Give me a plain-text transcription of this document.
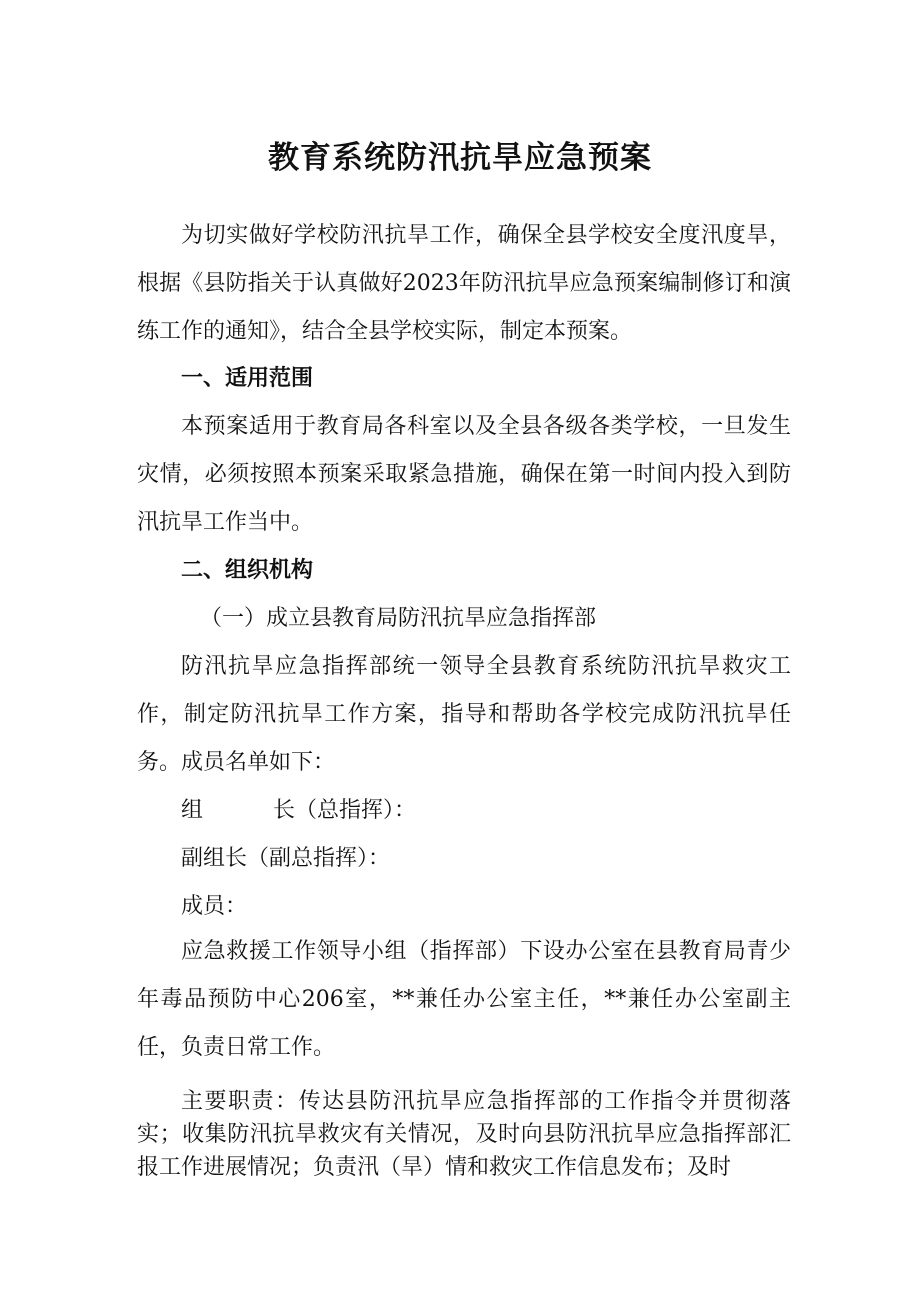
教育系统防汛抗旱应急预案

为切实做好学校防汛抗旱工作，确保全县学校安全度汛度旱，根据《县防指关于认真做好2023年防汛抗旱应急预案编制修订和演练工作的通知》，结合全县学校实际，制定本预案。

一、适用范围

本预案适用于教育局各科室以及全县各级各类学校，一旦发生灾情，必须按照本预案采取紧急措施，确保在第一时间内投入到防汛抗旱工作当中。

二、组织机构

（一）成立县教育局防汛抗旱应急指挥部

防汛抗旱应急指挥部统一领导全县教育系统防汛抗旱救灾工作，制定防汛抗旱工作方案，指导和帮助各学校完成防汛抗旱任务。成员名单如下：

组	长（总指挥）：

副组长（副总指挥）：

成员：

应急救援工作领导小组（指挥部）下设办公室在县教育局青少年毒品预防中心206室，**兼任办公室主任，**兼任办公室副主任，负责日常工作。

主要职责：传达县防汛抗旱应急指挥部的工作指令并贯彻落实；收集防汛抗旱救灾有关情况，及时向县防汛抗旱应急指挥部汇报工作进展情况；负责汛（旱）情和救灾工作信息发布；及时
